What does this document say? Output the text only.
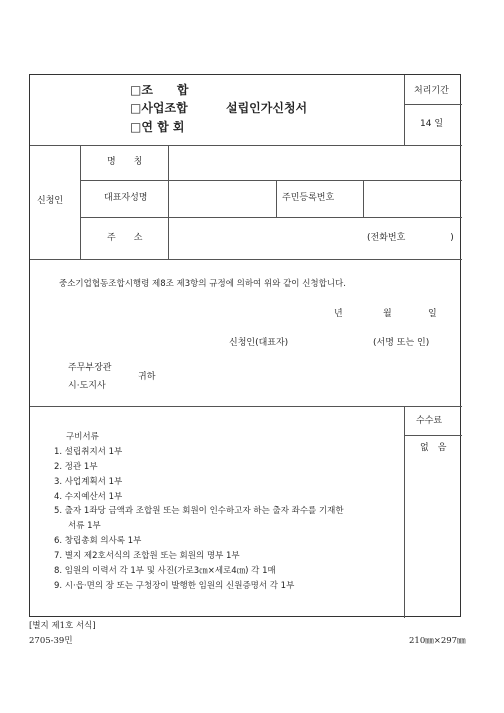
□조　　합
□사업조합
□연 합 회
설립인가신청서
처리기간
14 일
신청인
명　　칭
대표자성명	주민등록번호
주　　소	(전화번호　　　　　)
중소기업협동조합시행령 제8조 제3항의 규정에 의하여 위와 같이 신청합니다.
년	월	일
신청인(대표자)	(서명 또는 인)
주무부장관
시·도지사
귀하
구비서류
1. 설립취지서 1부
2. 정관 1부
3. 사업계획서 1부
4. 수지예산서 1부
5. 출자 1좌당 금액과 조합원 또는 회원이 인수하고자 하는 출자 좌수를 기재한
서류 1부
6. 창립총회 의사록 1부
7. 별지 제2호서식의 조합원 또는 회원의 명부 1부
8. 임원의 이력서 각 1부 및 사진(가로3㎝×세로4㎝) 각 1매
9. 시·읍·면의 장 또는 구청장이 발행한 임원의 신원증명서 각 1부
수수료
없　음
[별지 제1호 서식]
2705-39민	210㎜×297㎜
